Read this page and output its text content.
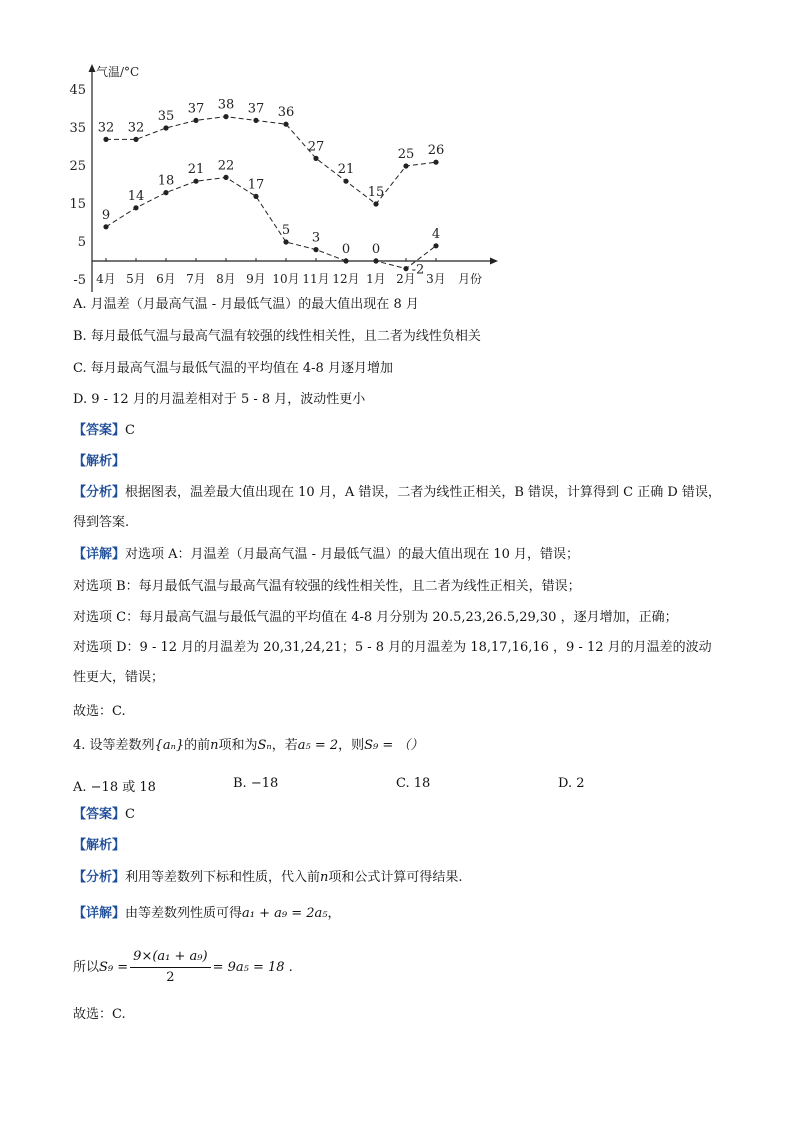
气温/°C
45
35
25
15
5
-5 4月 5月 6月 7月 8月 9月 10月 11月 12月 1月 2月 3月 月份
32 32
35
37 38 37 36
27
21
15
25 26
9
14
18
21 22
17
5
3
0 0
-2
4
A. 月温差（月最高气温 - 月最低气温）的最大值出现在 8 月
B. 每月最低气温与最高气温有较强的线性相关性，且二者为线性负相关
C. 每月最高气温与最低气温的平均值在 4-8 月逐月增加
D. 9 - 12 月的月温差相对于 5 - 8 月，波动性更小
【答案】C
【解析】
【分析】根据图表，温差最大值出现在 10 月，A 错误，二者为线性正相关，B 错误，计算得到 C 正确 D 错误，得到答案.
【详解】对选项 A：月温差（月最高气温 - 月最低气温）的最大值出现在 10 月，错误；
对选项 B：每月最低气温与最高气温有较强的线性相关性，且二者为线性正相关，错误；
对选项 C：每月最高气温与最低气温的平均值在 4-8 月分别为 20.5,23,26.5,29,30 ，逐月增加，正确；
对选项 D：9 - 12 月的月温差为 20,31,24,21；5 - 8 月的月温差为 18,17,16,16 ，9 - 12 月的月温差的波动性更大，错误；
故选：C.
4. 设等差数列{aₙ}的前n项和为Sₙ，若a₅ = 2，则S₉ = （）
A. −18 或 18	B. −18	C. 18	D. 2
【答案】C
【解析】
【分析】利用等差数列下标和性质，代入前n项和公式计算可得结果.
【详解】由等差数列性质可得a₁ + a₉ = 2a₅，
所以$S_9 = \frac{\text{9×(a₁ + a₉)}}{2} = 9a_5 = 18$ .
故选：C.
